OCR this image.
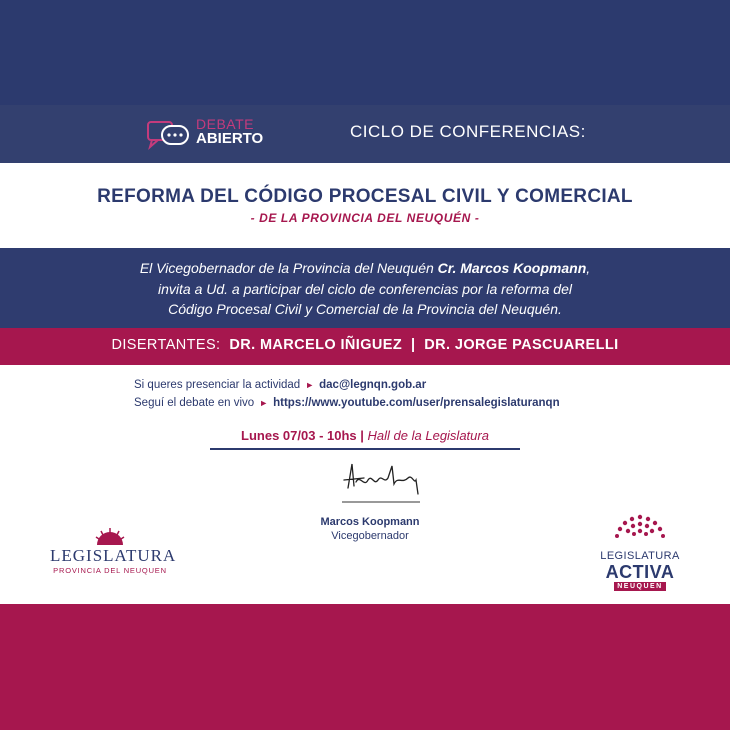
DEBATE
ABIERTO	CICLO DE CONFERENCIAS:
REFORMA DEL CÓDIGO PROCESAL CIVIL Y COMERCIAL
- DE LA PROVINCIA DEL NEUQUÉN -
El Vicegobernador de la Provincia del Neuquén Cr. Marcos Koopmann,
invita a Ud. a participar del ciclo de conferencias por la reforma del
Código Procesal Civil y Comercial de la Provincia del Neuquén.
DISERTANTES: DR. MARCELO IÑIGUEZ | DR. JORGE PASCUARELLI
Si queres presenciar la actividad ► dac@legnqn.gob.ar
Seguí el debate en vivo ► https://www.youtube.com/user/prensalegislaturanqn
Lunes 07/03 - 10hs | Hall de la Legislatura
Marcos Koopmann
Vicegobernador
LEGISLATURA
PROVINCIA DEL NEUQUEN
LEGISLATURA
ACTIVA
NEUQUEN
